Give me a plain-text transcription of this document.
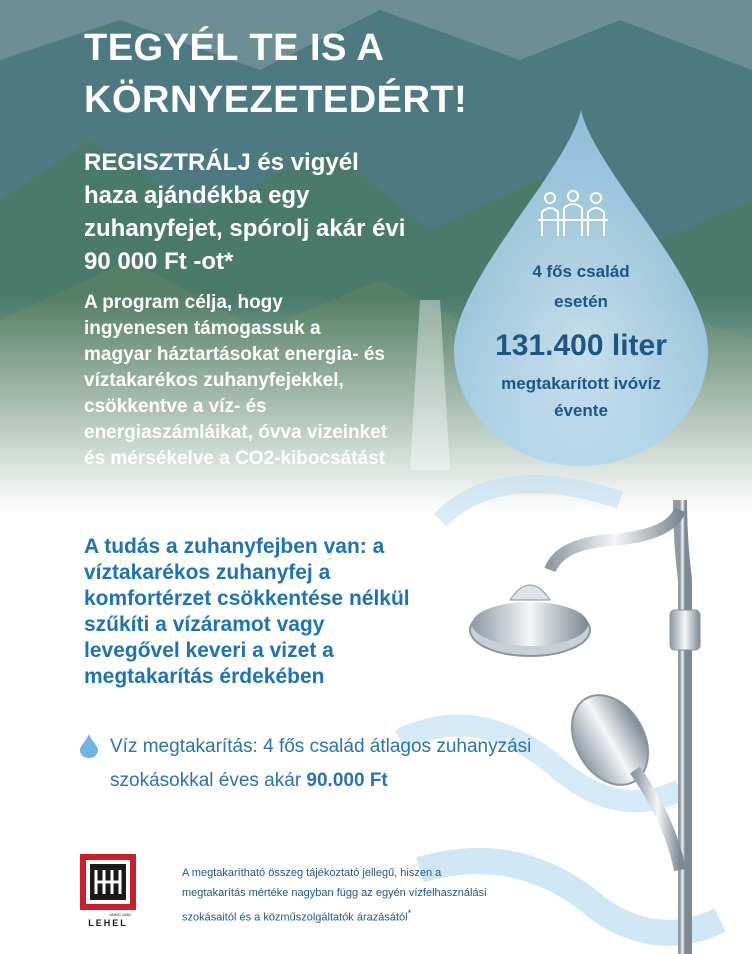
TEGYÉL TE IS A
KÖRNYEZETEDÉRT!
REGISZTRÁLJ és vigyél
haza ajándékba egy
zuhanyfejet, spórolj akár évi
90 000 Ft -ot*
A program célja, hogy
ingyenesen támogassuk a
magyar háztartásokat energia- és
víztakarékos zuhanyfejekkel,
csökkentve a víz- és
energiaszámláikat, óvva vizeinket
és mérsékelve a CO2-kibocsátást
4 fős család
esetén
131.400 liter
megtakarított ivóvíz
évente
A tudás a zuhanyfejben van: a
víztakarékos zuhanyfej a
komfortérzet csökkentése nélkül
szűkíti a vízáramot vagy
levegővel keveri a vizet a
megtakarítás érdekében
Víz megtakarítás: 4 fős család átlagos zuhanyzási
szokásokkal éves akár 90.000 Ft
ANNO 1948
LEHEL
A megtakarítható összeg tájékoztató jellegű, hiszen a
megtakarítás mértéke nagyban függ az egyén vízfelhasználási
szokásaitól és a közműszolgáltatók árazásától*
